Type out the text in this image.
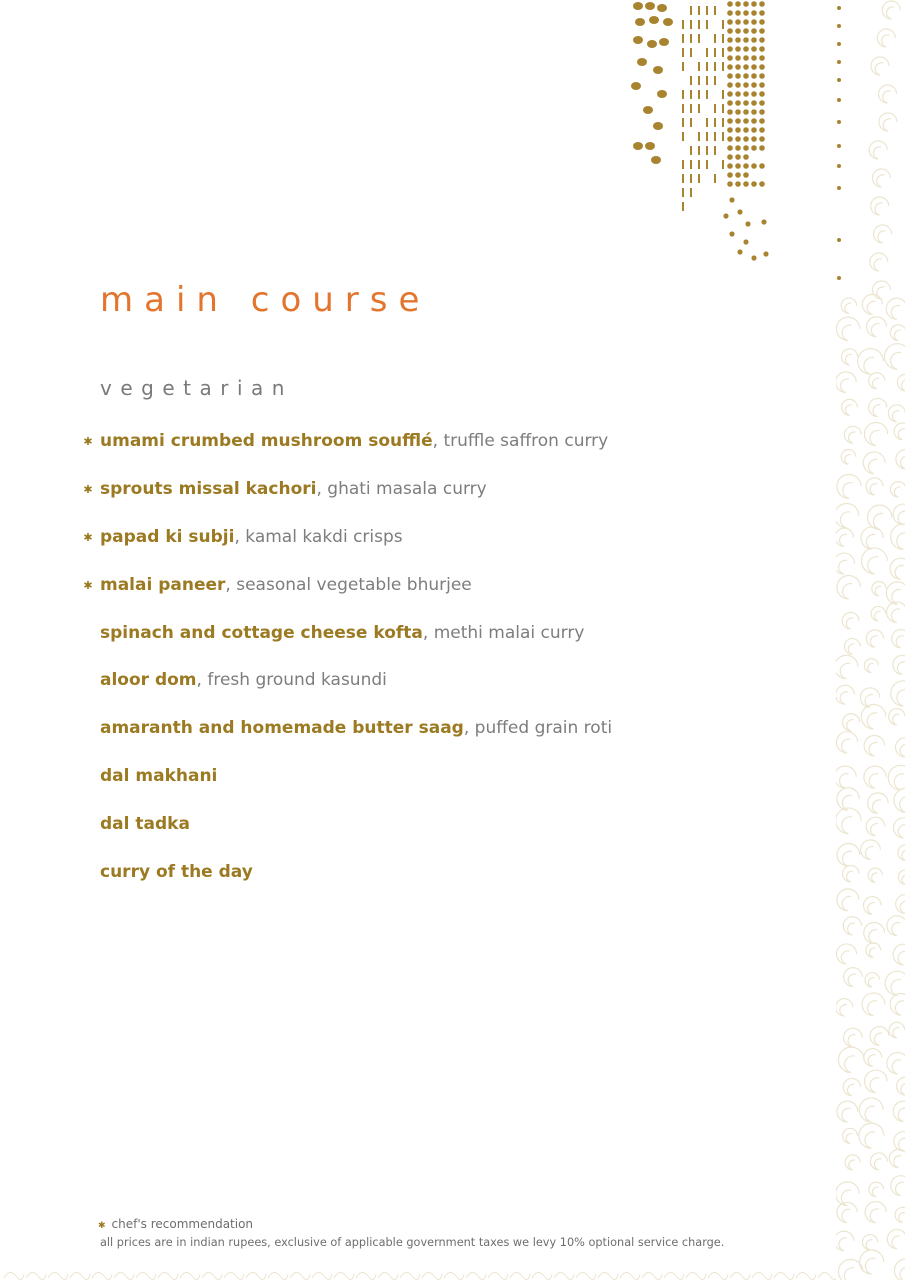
main course
vegetarian
✱ umami crumbed mushroom soufflé, truffle saffron curry
✱ sprouts missal kachori, ghati masala curry
✱ papad ki subji, kamal kakdi crisps
✱ malai paneer, seasonal vegetable bhurjee
spinach and cottage cheese kofta, methi malai curry
aloor dom, fresh ground kasundi
amaranth and homemade butter saag, puffed grain roti
dal makhani
dal tadka
curry of the day
✱ chef's recommendation
all prices are in indian rupees, exclusive of applicable government taxes we levy 10% optional service charge.
